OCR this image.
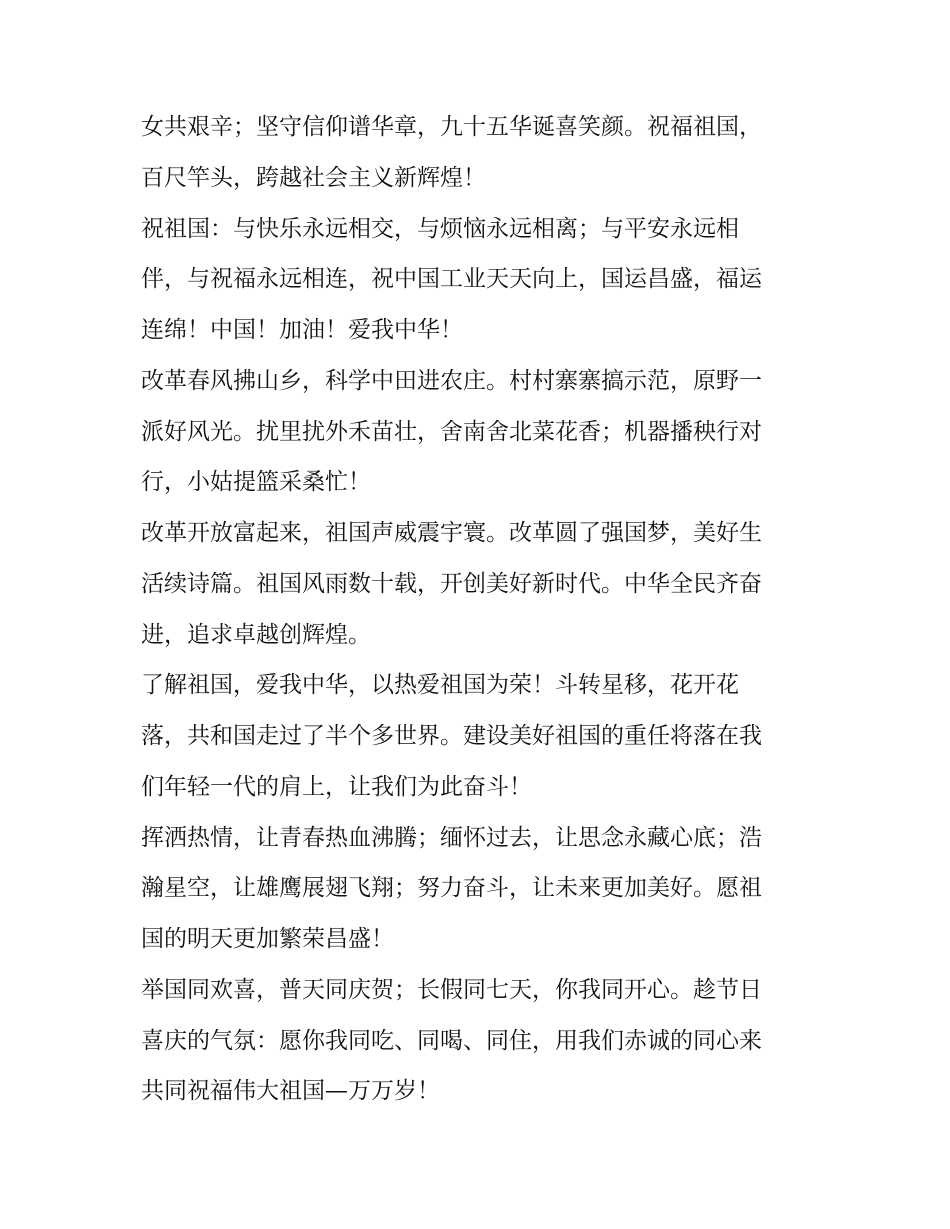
女共艰辛；坚守信仰谱华章，九十五华诞喜笑颜。祝福祖国，
百尺竿头，跨越社会主义新辉煌！
祝祖国：与快乐永远相交，与烦恼永远相离；与平安永远相
伴，与祝福永远相连，祝中国工业天天向上，国运昌盛，福运
连绵！中国！加油！爱我中华！
改革春风拂山乡，科学中田进农庄。村村寨寨搞示范，原野一
派好风光。扰里扰外禾苗壮，舍南舍北菜花香；机器播秧行对
行，小姑提篮采桑忙！
改革开放富起来，祖国声威震宇寰。改革圆了强国梦，美好生
活续诗篇。祖国风雨数十载，开创美好新时代。中华全民齐奋
进，追求卓越创辉煌。
了解祖国，爱我中华，以热爱祖国为荣！斗转星移，花开花
落，共和国走过了半个多世界。建设美好祖国的重任将落在我
们年轻一代的肩上，让我们为此奋斗！
挥洒热情，让青春热血沸腾；缅怀过去，让思念永藏心底；浩
瀚星空，让雄鹰展翅飞翔；努力奋斗，让未来更加美好。愿祖
国的明天更加繁荣昌盛！
举国同欢喜，普天同庆贺；长假同七天，你我同开心。趁节日
喜庆的气氛：愿你我同吃、同喝、同住，用我们赤诚的同心来
共同祝福伟大祖国—万万岁！
